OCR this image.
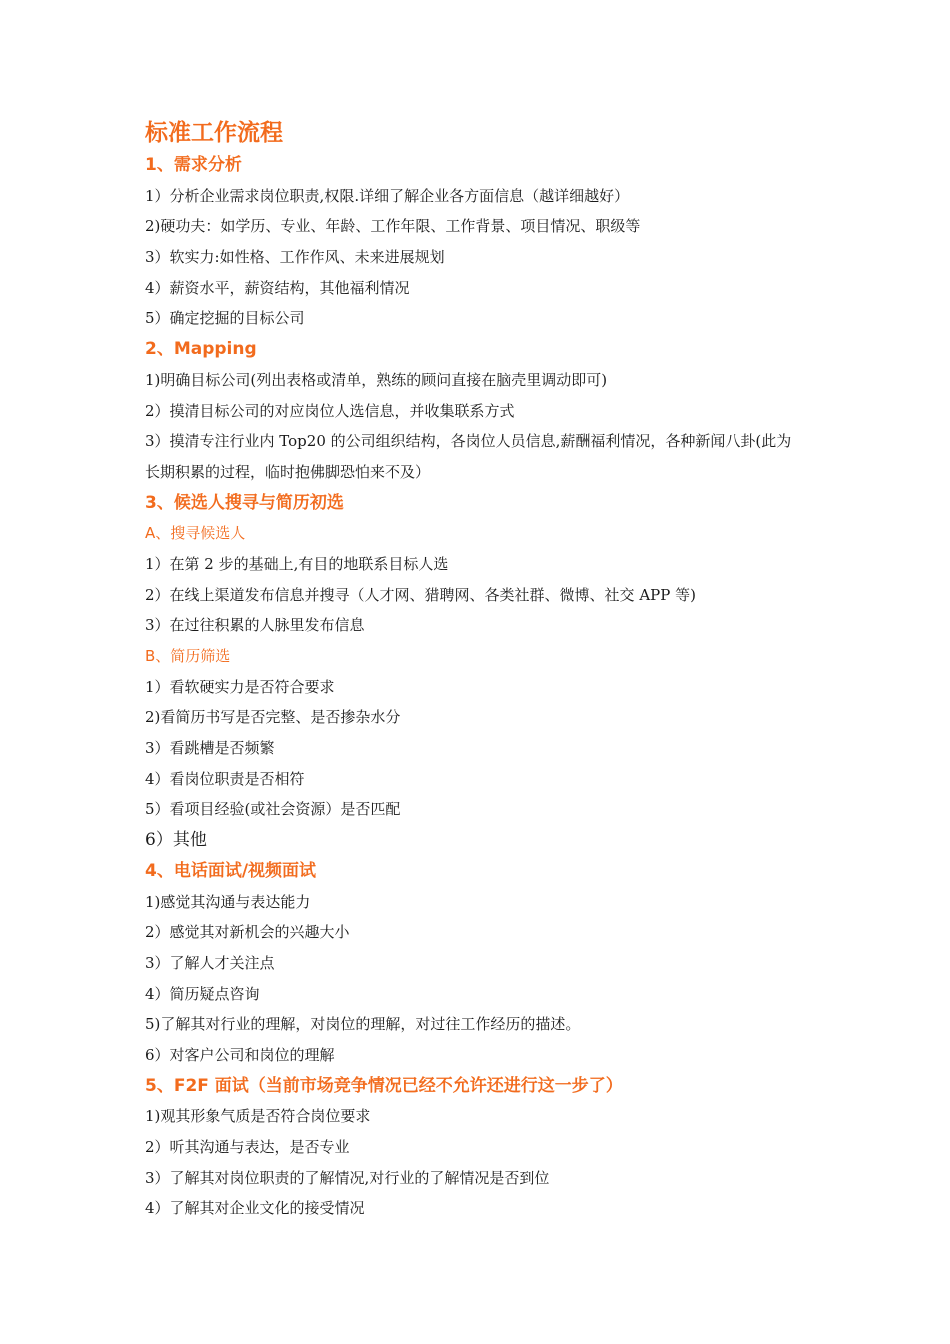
标准工作流程

1、需求分析

1）分析企业需求岗位职责,权限.详细了解企业各方面信息（越详细越好）

2)硬功夫：如学历、专业、年龄、工作年限、工作背景、项目情况、职级等

3）软实力:如性格、工作作风、未来进展规划

4）薪资水平，薪资结构，其他福利情况

5）确定挖掘的目标公司

2、Mapping

1)明确目标公司(列出表格或清单，熟练的顾问直接在脑壳里调动即可)

2）摸清目标公司的对应岗位人选信息，并收集联系方式

3）摸清专注行业内 Top20 的公司组织结构，各岗位人员信息,薪酬福利情况，各种新闻八卦(此为长期积累的过程，临时抱佛脚恐怕来不及）

3、候选人搜寻与简历初选

A、搜寻候选人

1）在第 2 步的基础上,有目的地联系目标人选

2）在线上渠道发布信息并搜寻（人才网、猎聘网、各类社群、微博、社交 APP 等)

3）在过往积累的人脉里发布信息

B、简历筛选

1）看软硬实力是否符合要求

2)看简历书写是否完整、是否掺杂水分

3）看跳槽是否频繁

4）看岗位职责是否相符

5）看项目经验(或社会资源）是否匹配

6）其他

4、电话面试/视频面试

1)感觉其沟通与表达能力

2）感觉其对新机会的兴趣大小

3）了解人才关注点

4）简历疑点咨询

5)了解其对行业的理解，对岗位的理解，对过往工作经历的描述。

6）对客户公司和岗位的理解

5、F2F 面试（当前市场竞争情况已经不允许还进行这一步了）

1)观其形象气质是否符合岗位要求

2）听其沟通与表达，是否专业

3）了解其对岗位职责的了解情况,对行业的了解情况是否到位

4）了解其对企业文化的接受情况
